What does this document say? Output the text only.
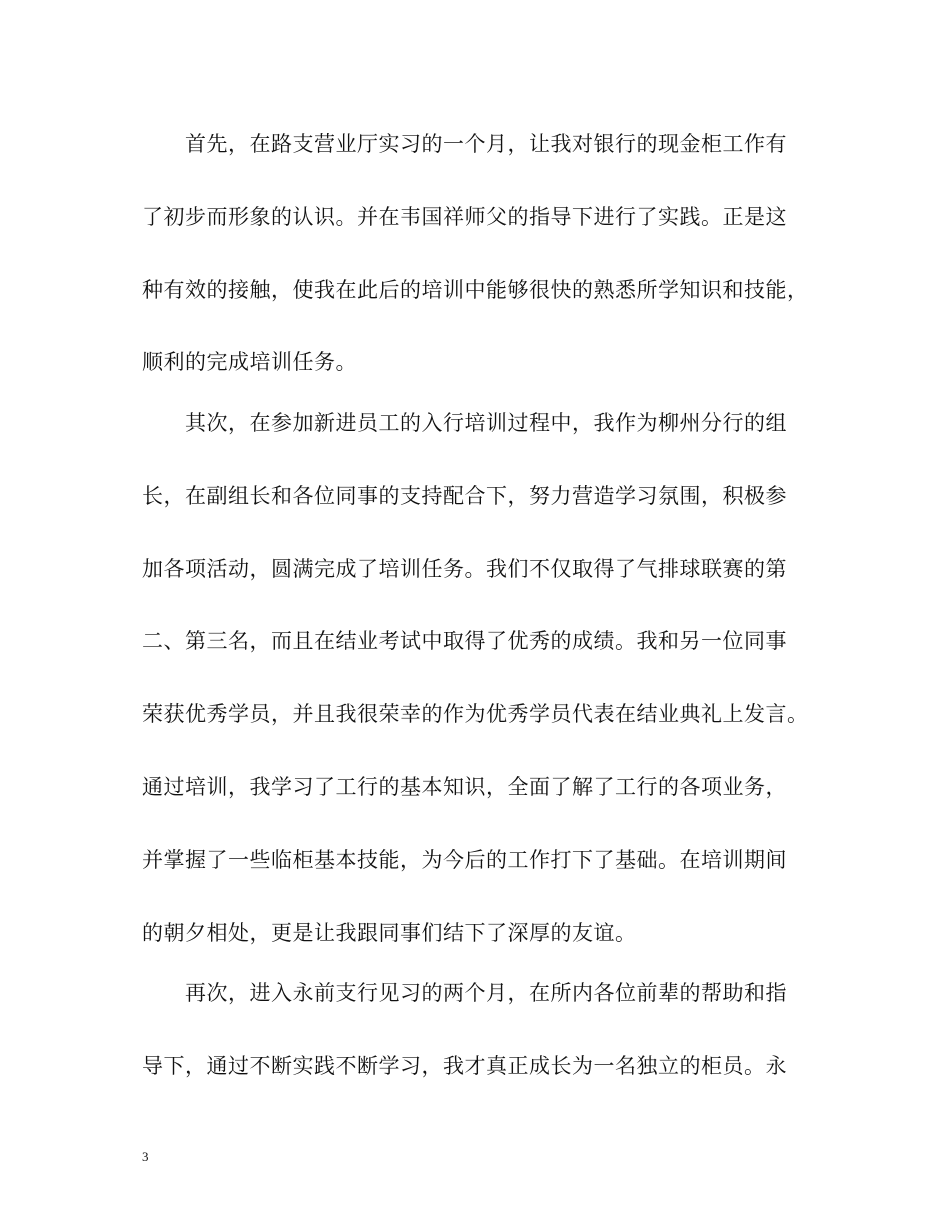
　　首先，在路支营业厅实习的一个月，让我对银行的现金柜工作有
了初步而形象的认识。并在韦国祥师父的指导下进行了实践。正是这
种有效的接触，使我在此后的培训中能够很快的熟悉所学知识和技能，
顺利的完成培训任务。
　　其次，在参加新进员工的入行培训过程中，我作为柳州分行的组
长，在副组长和各位同事的支持配合下，努力营造学习氛围，积极参
加各项活动，圆满完成了培训任务。我们不仅取得了气排球联赛的第
二、第三名，而且在结业考试中取得了优秀的成绩。我和另一位同事
荣获优秀学员，并且我很荣幸的作为优秀学员代表在结业典礼上发言。
通过培训，我学习了工行的基本知识，全面了解了工行的各项业务，
并掌握了一些临柜基本技能，为今后的工作打下了基础。在培训期间
的朝夕相处，更是让我跟同事们结下了深厚的友谊。
　　再次，进入永前支行见习的两个月，在所内各位前辈的帮助和指
导下，通过不断实践不断学习，我才真正成长为一名独立的柜员。永
3
